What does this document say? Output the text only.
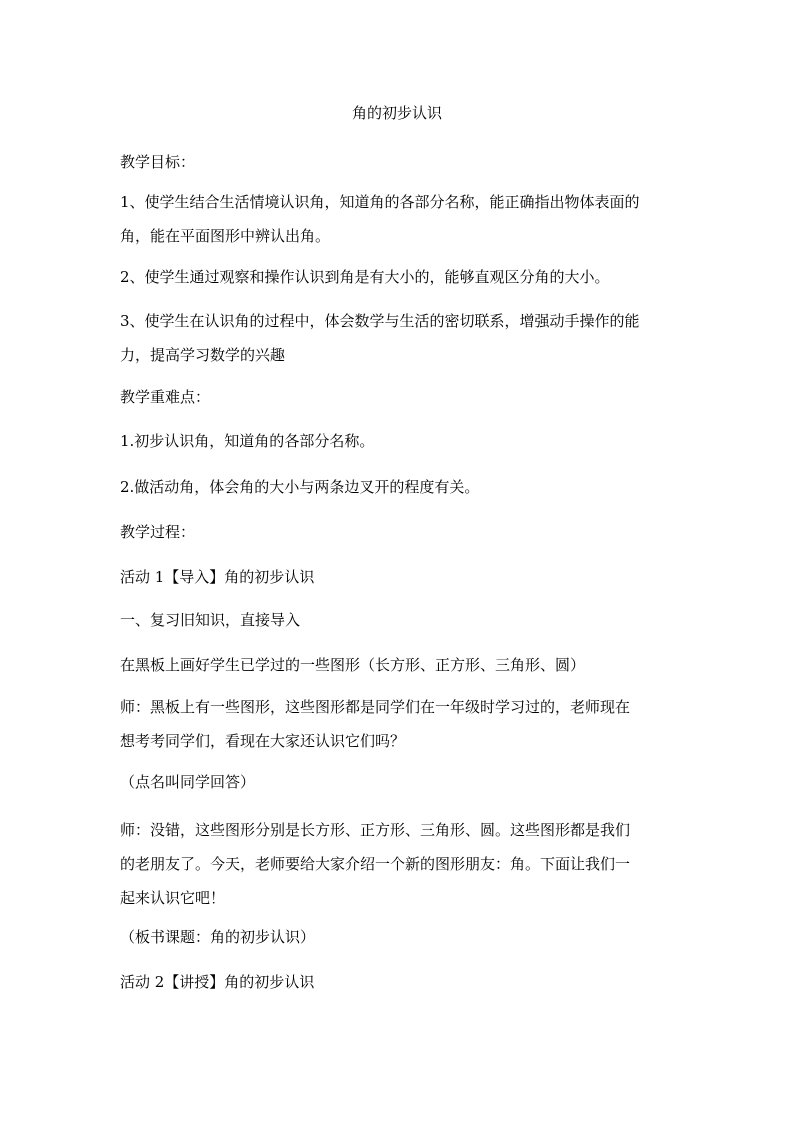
角的初步认识
教学目标：
1、使学生结合生活情境认识角，知道角的各部分名称，能正确指出物体表面的
角，能在平面图形中辨认出角。
2、使学生通过观察和操作认识到角是有大小的，能够直观区分角的大小。
3、使学生在认识角的过程中，体会数学与生活的密切联系，增强动手操作的能
力，提高学习数学的兴趣
教学重难点：
1.初步认识角，知道角的各部分名称。
2.做活动角，体会角的大小与两条边叉开的程度有关。
教学过程：
活动 1【导入】角的初步认识
一、复习旧知识，直接导入
在黑板上画好学生已学过的一些图形（长方形、正方形、三角形、圆）
师：黑板上有一些图形，这些图形都是同学们在一年级时学习过的，老师现在
想考考同学们，看现在大家还认识它们吗？
（点名叫同学回答）
师：没错，这些图形分别是长方形、正方形、三角形、圆。这些图形都是我们
的老朋友了。今天，老师要给大家介绍一个新的图形朋友：角。下面让我们一
起来认识它吧！
（板书课题：角的初步认识）
活动 2【讲授】角的初步认识
